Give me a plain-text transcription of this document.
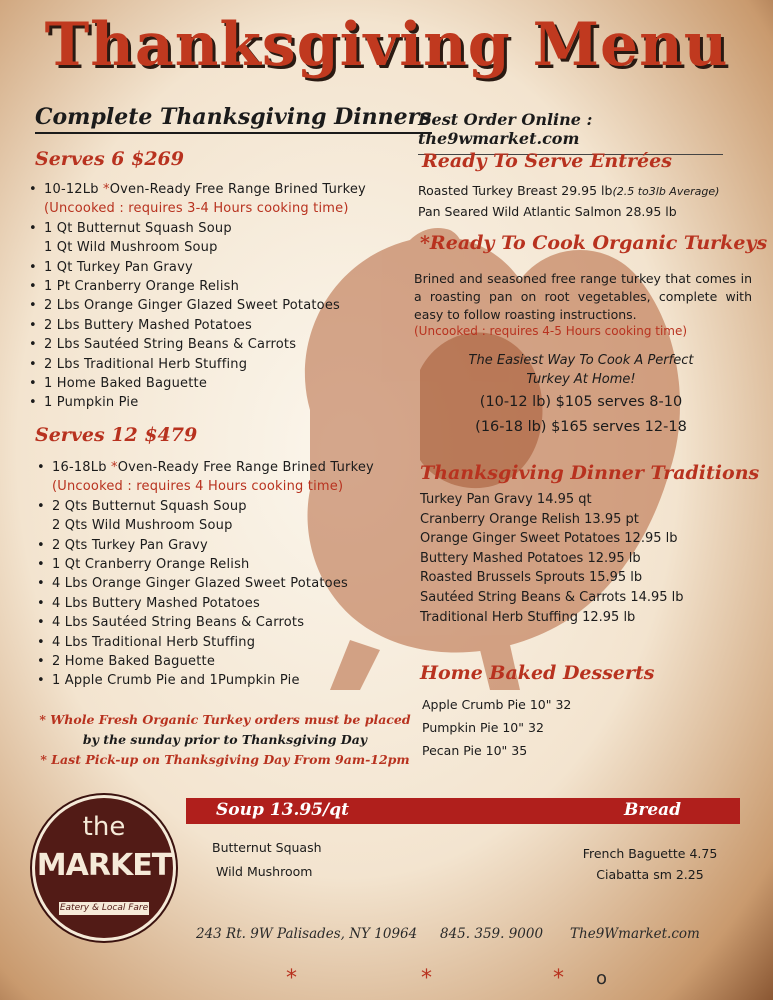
Thanksgiving Menu
Complete Thanksgiving Dinners
Serves 6 $269
• 10-12Lb *Oven-Ready Free Range Brined Turkey
(Uncooked : requires 3-4 Hours cooking time)
• 1 Qt Butternut Squash Soup
1 Qt Wild Mushroom Soup
• 1 Qt Turkey Pan Gravy
• 1 Pt Cranberry Orange Relish
• 2 Lbs Orange Ginger Glazed Sweet Potatoes
• 2 Lbs Buttery Mashed Potatoes
• 2 Lbs Sautéed String Beans & Carrots
• 2 Lbs Traditional Herb Stuffing
• 1 Home Baked Baguette
• 1 Pumpkin Pie
Serves 12 $479
• 16-18Lb *Oven-Ready Free Range Brined Turkey
(Uncooked : requires 4 Hours cooking time)
• 2 Qts Butternut Squash Soup
2 Qts Wild Mushroom Soup
• 2 Qts Turkey Pan Gravy
• 1 Qt Cranberry Orange Relish
• 4 Lbs Orange Ginger Glazed Sweet Potatoes
• 4 Lbs Buttery Mashed Potatoes
• 4 Lbs Sautéed String Beans & Carrots
• 4 Lbs Traditional Herb Stuffing
• 2 Home Baked Baguette
• 1 Apple Crumb Pie and 1Pumpkin Pie
* Whole Fresh Organic Turkey orders must be placed
by the sunday prior to Thanksgiving Day
* Last Pick-up on Thanksgiving Day From 9am-12pm
Best Order Online : the9wmarket.com
Ready To Serve Entrées
Roasted Turkey Breast 29.95 lb(2.5 to3lb Average)
Pan Seared Wild Atlantic Salmon 28.95 lb
*Ready To Cook Organic Turkeys
Brined and seasoned free range turkey that comes in a roasting pan on root vegetables, complete with easy to follow roasting instructions.
(Uncooked : requires 4-5 Hours cooking time)
The Easiest Way To Cook A Perfect
Turkey At Home!
(10-12 lb) $105 serves 8-10
(16-18 lb) $165 serves 12-18
Thanksgiving Dinner Traditions
Turkey Pan Gravy 14.95 qt
Cranberry Orange Relish 13.95 pt
Orange Ginger Sweet Potatoes 12.95 lb
Buttery Mashed Potatoes 12.95 lb
Roasted Brussels Sprouts 15.95 lb
Sautéed String Beans & Carrots 14.95 lb
Traditional Herb Stuffing 12.95 lb
Home Baked Desserts
Apple Crumb Pie 10" 32
Pumpkin Pie 10" 32
Pecan Pie 10" 35
Soup 13.95/qt	Bread
Butternut Squash
Wild Mushroom
French Baguette 4.75
Ciabatta sm 2.25
the
MARKET
Eatery & Local Fare
243 Rt. 9W Palisades, NY 10964 845. 359. 9000 The9Wmarket.com
*	*	* o
